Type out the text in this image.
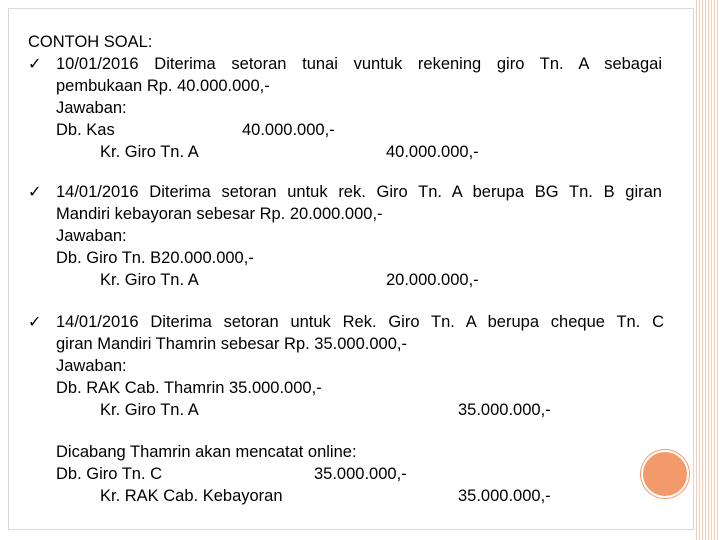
CONTOH SOAL:
✓ 10/01/2016 Diterima setoran tunai vuntuk rekening giro Tn. A sebagai
pembukaan Rp. 40.000.000,-
Jawaban:
Db. Kas	40.000.000,-
Kr. Giro Tn. A	40.000.000,-
✓ 14/01/2016 Diterima setoran untuk rek. Giro Tn. A berupa BG Tn. B giran
Mandiri kebayoran sebesar Rp. 20.000.000,-
Jawaban:
Db. Giro Tn. B20.000.000,-
Kr. Giro Tn. A	20.000.000,-
✓ 14/01/2016 Diterima setoran untuk Rek. Giro Tn. A berupa cheque Tn. C
giran Mandiri Thamrin sebesar Rp. 35.000.000,-
Jawaban:
Db. RAK Cab. Thamrin 35.000.000,-
Kr. Giro Tn. A	35.000.000,-
Dicabang Thamrin akan mencatat online:
Db. Giro Tn. C	35.000.000,-
Kr. RAK Cab. Kebayoran	35.000.000,-
